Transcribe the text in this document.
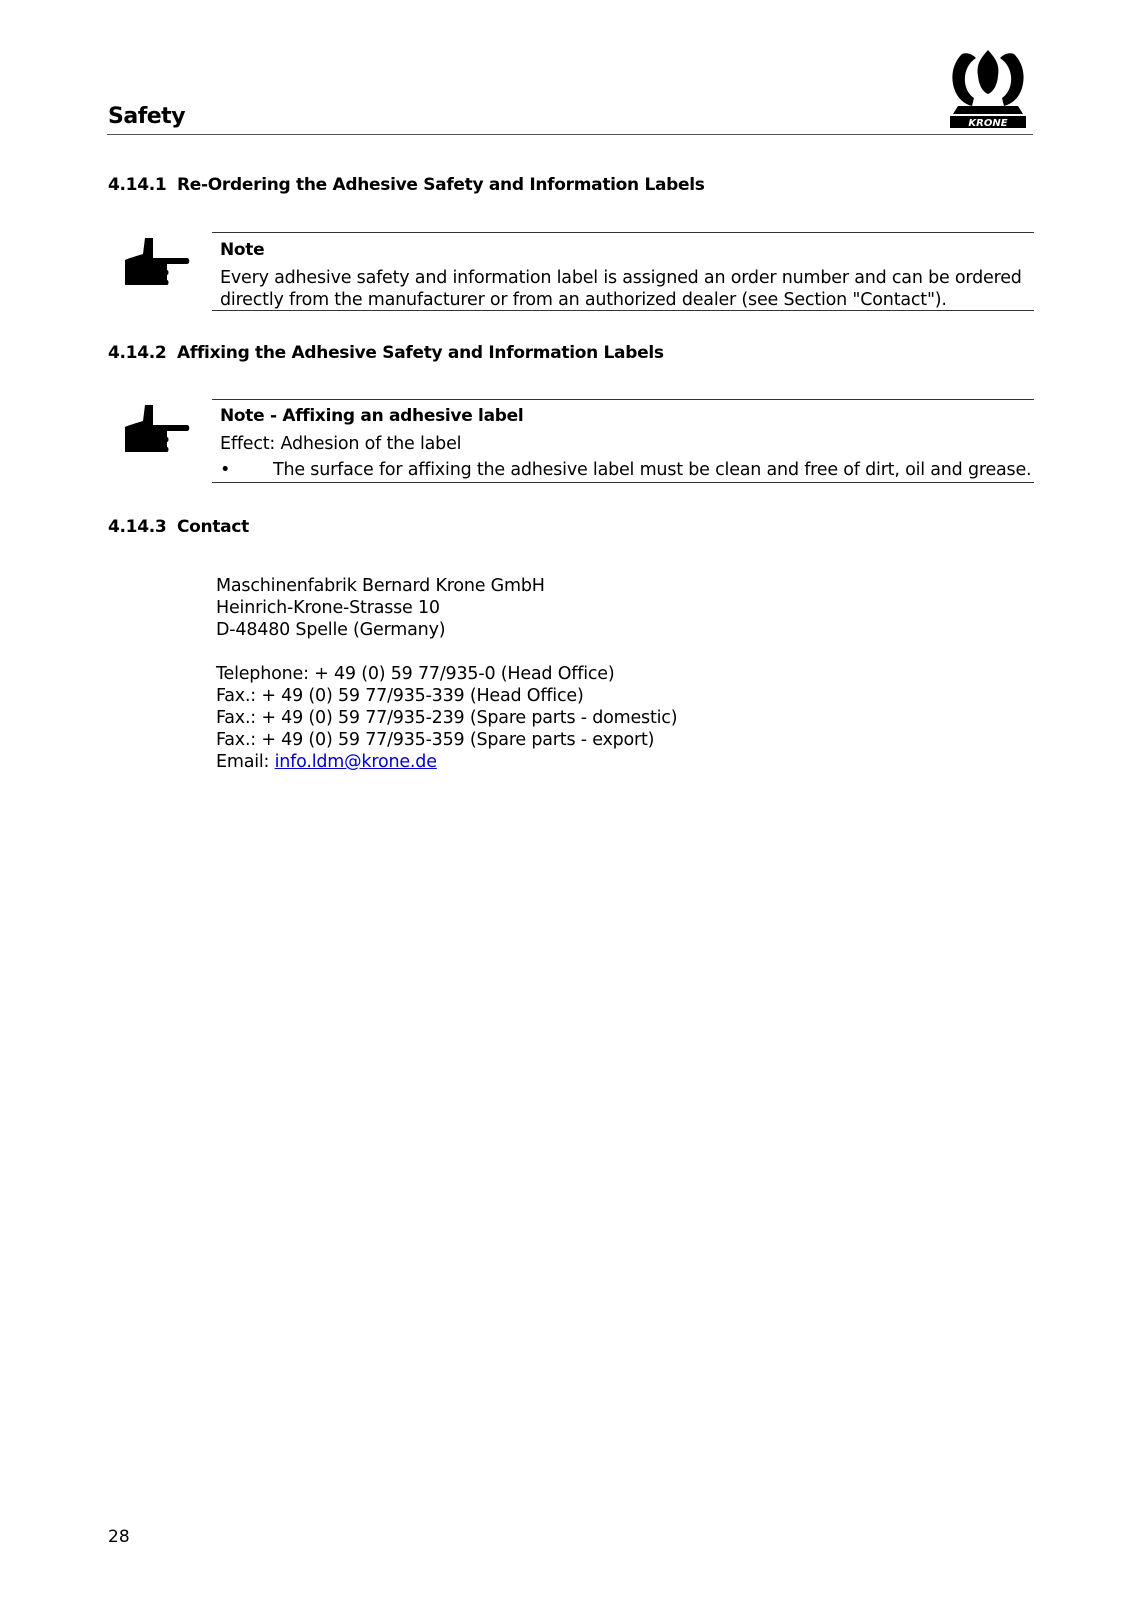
Safety	KRONE
4.14.1 Re-Ordering the Adhesive Safety and Information Labels
Note
Every adhesive safety and information label is assigned an order number and can be ordered
directly from the manufacturer or from an authorized dealer (see Section "Contact").
4.14.2 Affixing the Adhesive Safety and Information Labels
Note - Affixing an adhesive label
Effect: Adhesion of the label
•	The surface for affixing the adhesive label must be clean and free of dirt, oil and grease.
4.14.3 Contact
Maschinenfabrik Bernard Krone GmbH
Heinrich-Krone-Strasse 10
D-48480 Spelle (Germany)
Telephone: + 49 (0) 59 77/935-0 (Head Office)
Fax.: + 49 (0) 59 77/935-339 (Head Office)
Fax.: + 49 (0) 59 77/935-239 (Spare parts - domestic)
Fax.: + 49 (0) 59 77/935-359 (Spare parts - export)
Email: info.ldm@krone.de
28
